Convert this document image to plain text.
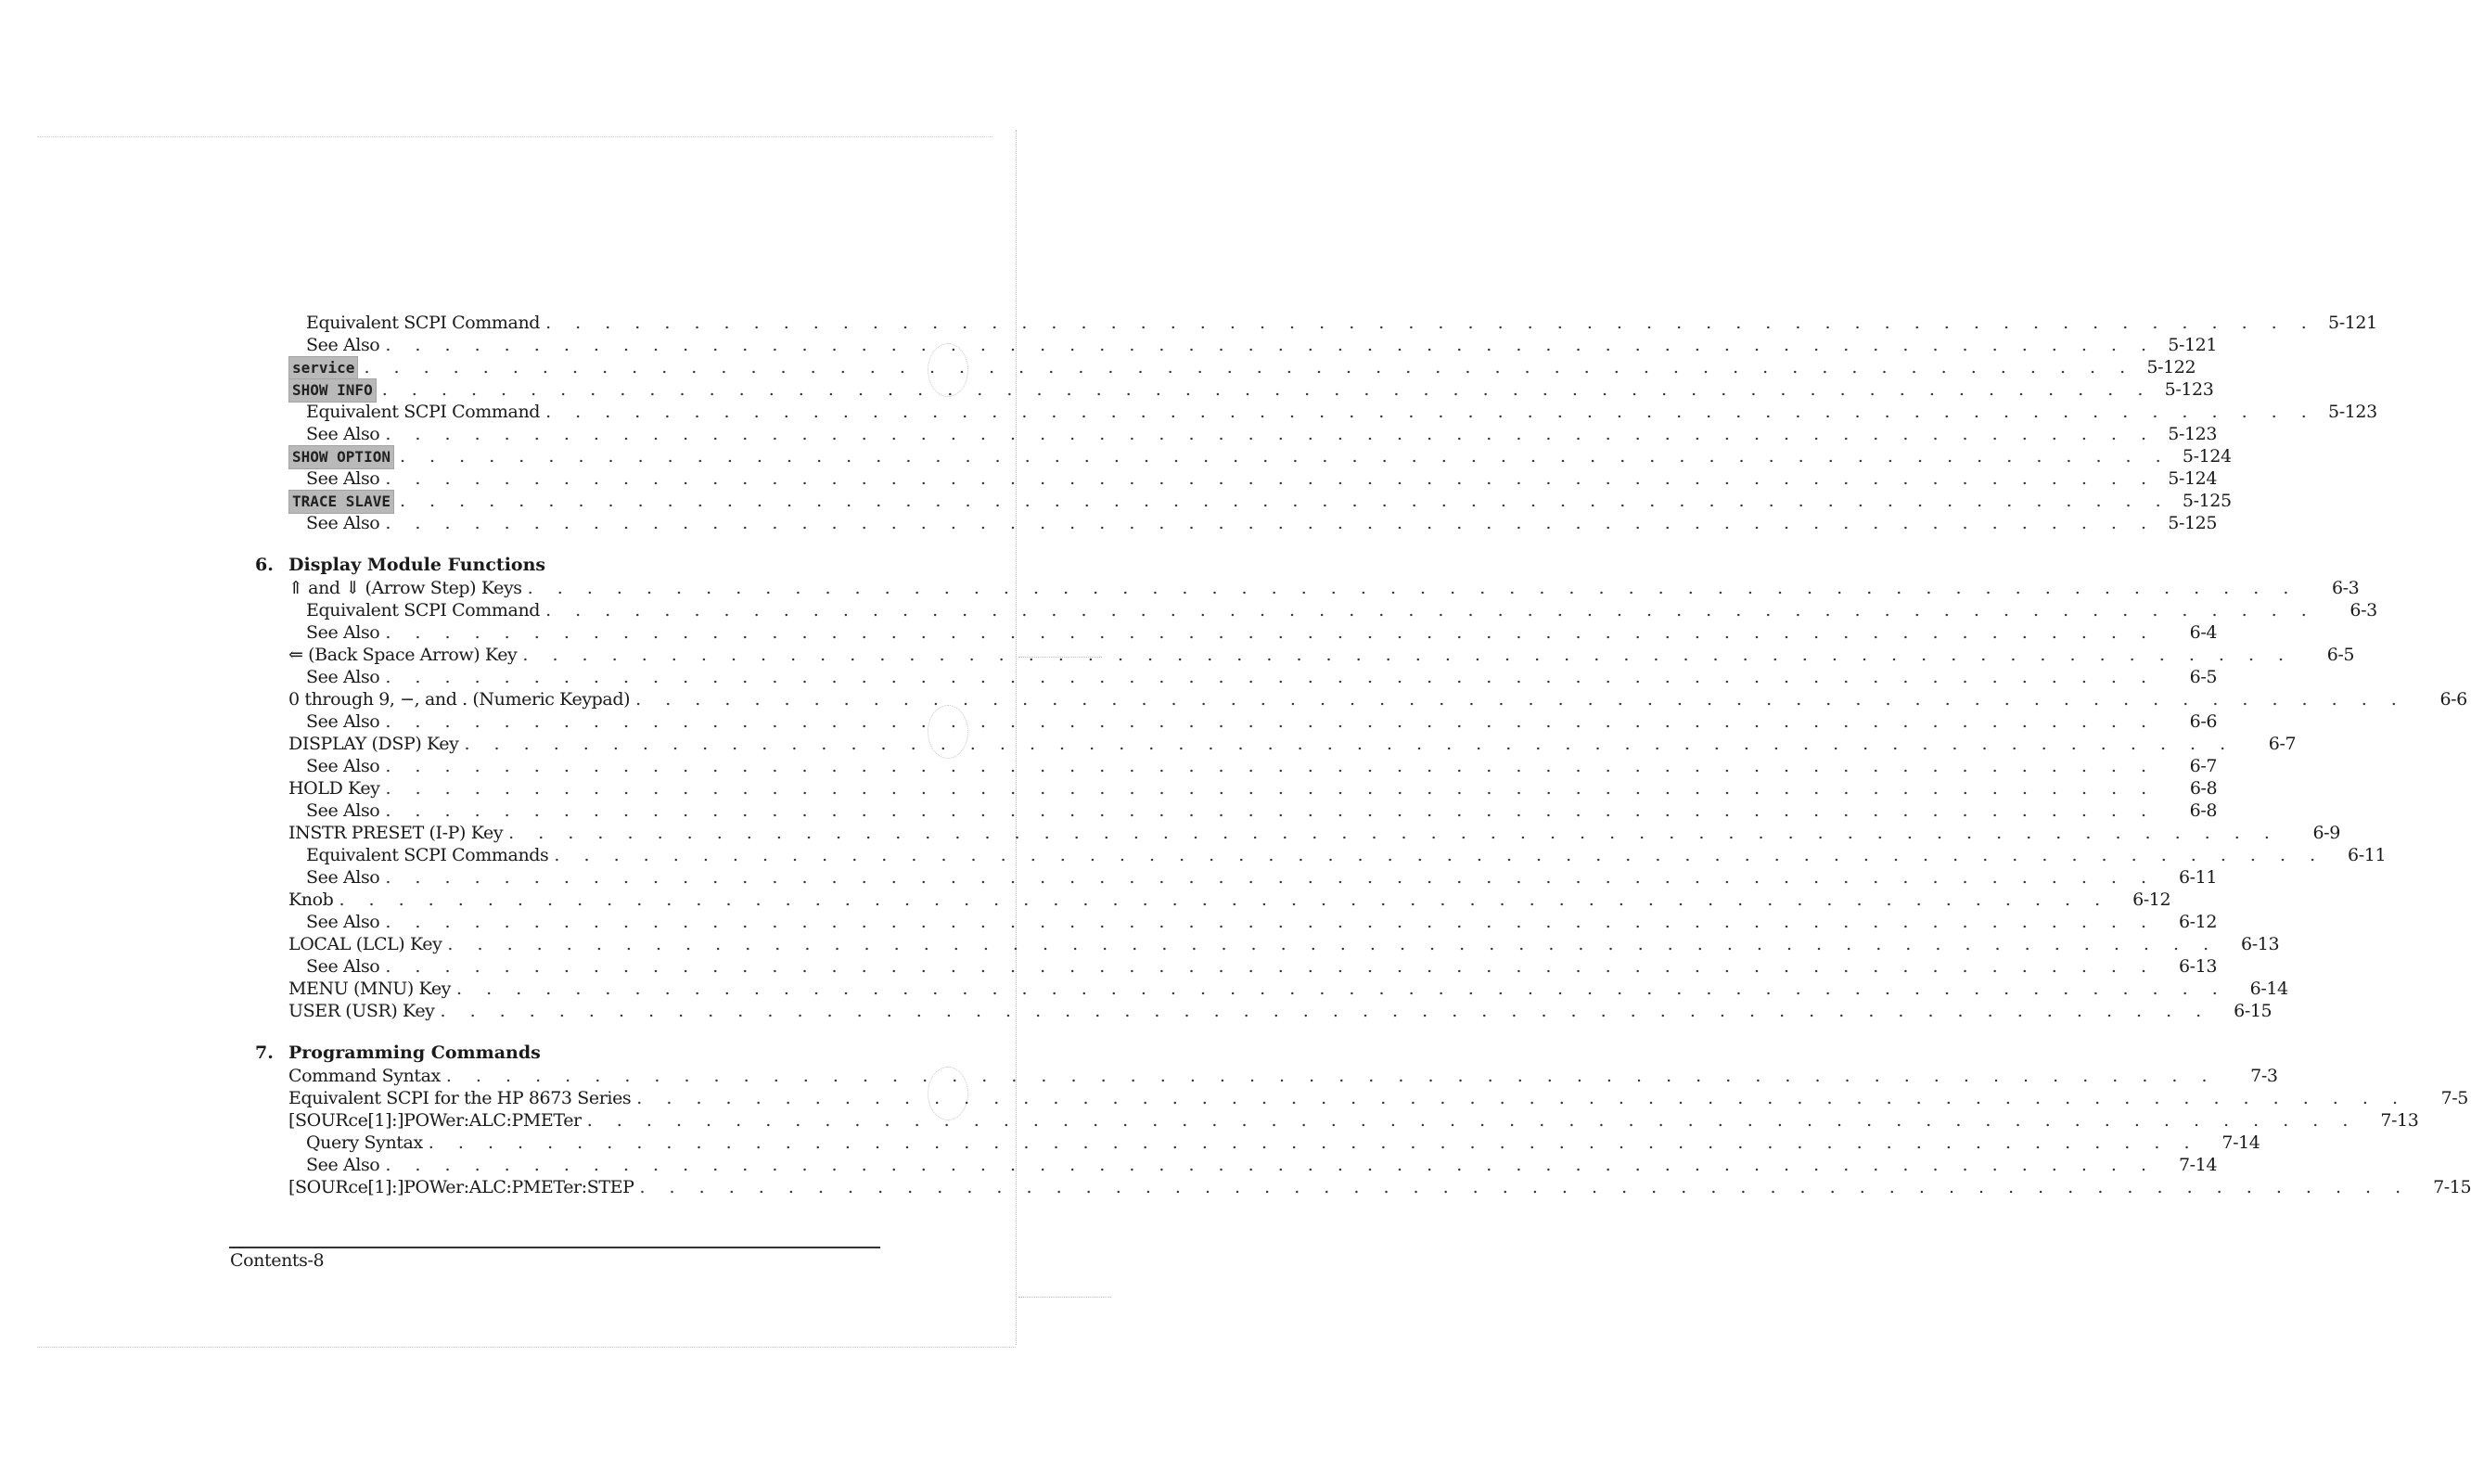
Equivalent SCPI Command . . . . . . . . . . . . . . . . . . . . . . . . . . . . . . . . . . . . . . . . . . . . . . . . . . . . . . . . . . . . 5-121
See Also . . . . . . . . . . . . . . . . . . . . . . . . . . . . . . . . . . . . . . . . . . . . . . . . . . . . . . . . . . . . 5-121
service . . . . . . . . . . . . . . . . . . . . . . . . . . . . . . . . . . . . . . . . . . . . . . . . . . . . . . . . . . . . 5-122
SHOW INFO . . . . . . . . . . . . . . . . . . . . . . . . . . . . . . . . . . . . . . . . . . . . . . . . . . . . . . . . . . . . 5-123
Equivalent SCPI Command . . . . . . . . . . . . . . . . . . . . . . . . . . . . . . . . . . . . . . . . . . . . . . . . . . . . . . . . . . . . 5-123
See Also . . . . . . . . . . . . . . . . . . . . . . . . . . . . . . . . . . . . . . . . . . . . . . . . . . . . . . . . . . . . 5-123
SHOW OPTION . . . . . . . . . . . . . . . . . . . . . . . . . . . . . . . . . . . . . . . . . . . . . . . . . . . . . . . . . . . . 5-124
See Also . . . . . . . . . . . . . . . . . . . . . . . . . . . . . . . . . . . . . . . . . . . . . . . . . . . . . . . . . . . . 5-124
TRACE SLAVE . . . . . . . . . . . . . . . . . . . . . . . . . . . . . . . . . . . . . . . . . . . . . . . . . . . . . . . . . . . . 5-125
See Also . . . . . . . . . . . . . . . . . . . . . . . . . . . . . . . . . . . . . . . . . . . . . . . . . . . . . . . . . . . . 5-125
6. Display Module Functions
⇑ and ⇓ (Arrow Step) Keys . . . . . . . . . . . . . . . . . . . . . . . . . . . . . . . . . . . . . . . . . . . . . . . . . . . . . . . . . . . .	6-3
Equivalent SCPI Command . . . . . . . . . . . . . . . . . . . . . . . . . . . . . . . . . . . . . . . . . . . . . . . . . . . . . . . . . . . .	6-3
See Also . . . . . . . . . . . . . . . . . . . . . . . . . . . . . . . . . . . . . . . . . . . . . . . . . . . . . . . . . . . .	6-4
⇐ (Back Space Arrow) Key . . . . . . . . . . . . . . . . . . . . . . . . . . . . . . . . . . . . . . . . . . . . . . . . . . . . . . . . . . . .	6-5
See Also . . . . . . . . . . . . . . . . . . . . . . . . . . . . . . . . . . . . . . . . . . . . . . . . . . . . . . . . . . . .	6-5
0 through 9, −, and . (Numeric Keypad) . . . . . . . . . . . . . . . . . . . . . . . . . . . . . . . . . . . . . . . . . . . . . . . . . . . . . . . . . . . .	6-6
See Also . . . . . . . . . . . . . . . . . . . . . . . . . . . . . . . . . . . . . . . . . . . . . . . . . . . . . . . . . . . .	6-6
DISPLAY (DSP) Key . . . . . . . . . . . . . . . . . . . . . . . . . . . . . . . . . . . . . . . . . . . . . . . . . . . . . . . . . . . .	6-7
See Also . . . . . . . . . . . . . . . . . . . . . . . . . . . . . . . . . . . . . . . . . . . . . . . . . . . . . . . . . . . .	6-7
HOLD Key . . . . . . . . . . . . . . . . . . . . . . . . . . . . . . . . . . . . . . . . . . . . . . . . . . . . . . . . . . . .	6-8
See Also . . . . . . . . . . . . . . . . . . . . . . . . . . . . . . . . . . . . . . . . . . . . . . . . . . . . . . . . . . . .	6-8
INSTR PRESET (I-P) Key . . . . . . . . . . . . . . . . . . . . . . . . . . . . . . . . . . . . . . . . . . . . . . . . . . . . . . . . . . . .	6-9
Equivalent SCPI Commands . . . . . . . . . . . . . . . . . . . . . . . . . . . . . . . . . . . . . . . . . . . . . . . . . . . . . . . . . . . .	6-11
See Also . . . . . . . . . . . . . . . . . . . . . . . . . . . . . . . . . . . . . . . . . . . . . . . . . . . . . . . . . . . .	6-11
Knob . . . . . . . . . . . . . . . . . . . . . . . . . . . . . . . . . . . . . . . . . . . . . . . . . . . . . . . . . . . .	6-12
See Also . . . . . . . . . . . . . . . . . . . . . . . . . . . . . . . . . . . . . . . . . . . . . . . . . . . . . . . . . . . .	6-12
LOCAL (LCL) Key . . . . . . . . . . . . . . . . . . . . . . . . . . . . . . . . . . . . . . . . . . . . . . . . . . . . . . . . . . . .	6-13
See Also . . . . . . . . . . . . . . . . . . . . . . . . . . . . . . . . . . . . . . . . . . . . . . . . . . . . . . . . . . . .	6-13
MENU (MNU) Key . . . . . . . . . . . . . . . . . . . . . . . . . . . . . . . . . . . . . . . . . . . . . . . . . . . . . . . . . . . .	6-14
USER (USR) Key . . . . . . . . . . . . . . . . . . . . . . . . . . . . . . . . . . . . . . . . . . . . . . . . . . . . . . . . . . . .	6-15
7. Programming Commands
Command Syntax . . . . . . . . . . . . . . . . . . . . . . . . . . . . . . . . . . . . . . . . . . . . . . . . . . . . . . . . . . . .	7-3
Equivalent SCPI for the HP 8673 Series . . . . . . . . . . . . . . . . . . . . . . . . . . . . . . . . . . . . . . . . . . . . . . . . . . . . . . . . . . . .	7-5
[SOURce[1]:]POWer:ALC:PMETer . . . . . . . . . . . . . . . . . . . . . . . . . . . . . . . . . . . . . . . . . . . . . . . . . . . . . . . . . . . .	7-13
Query Syntax . . . . . . . . . . . . . . . . . . . . . . . . . . . . . . . . . . . . . . . . . . . . . . . . . . . . . . . . . . . .	7-14
See Also . . . . . . . . . . . . . . . . . . . . . . . . . . . . . . . . . . . . . . . . . . . . . . . . . . . . . . . . . . . .	7-14
[SOURce[1]:]POWer:ALC:PMETer:STEP . . . . . . . . . . . . . . . . . . . . . . . . . . . . . . . . . . . . . . . . . . . . . . . . . . . . . . . . . . . .	7-15
Contents-8
